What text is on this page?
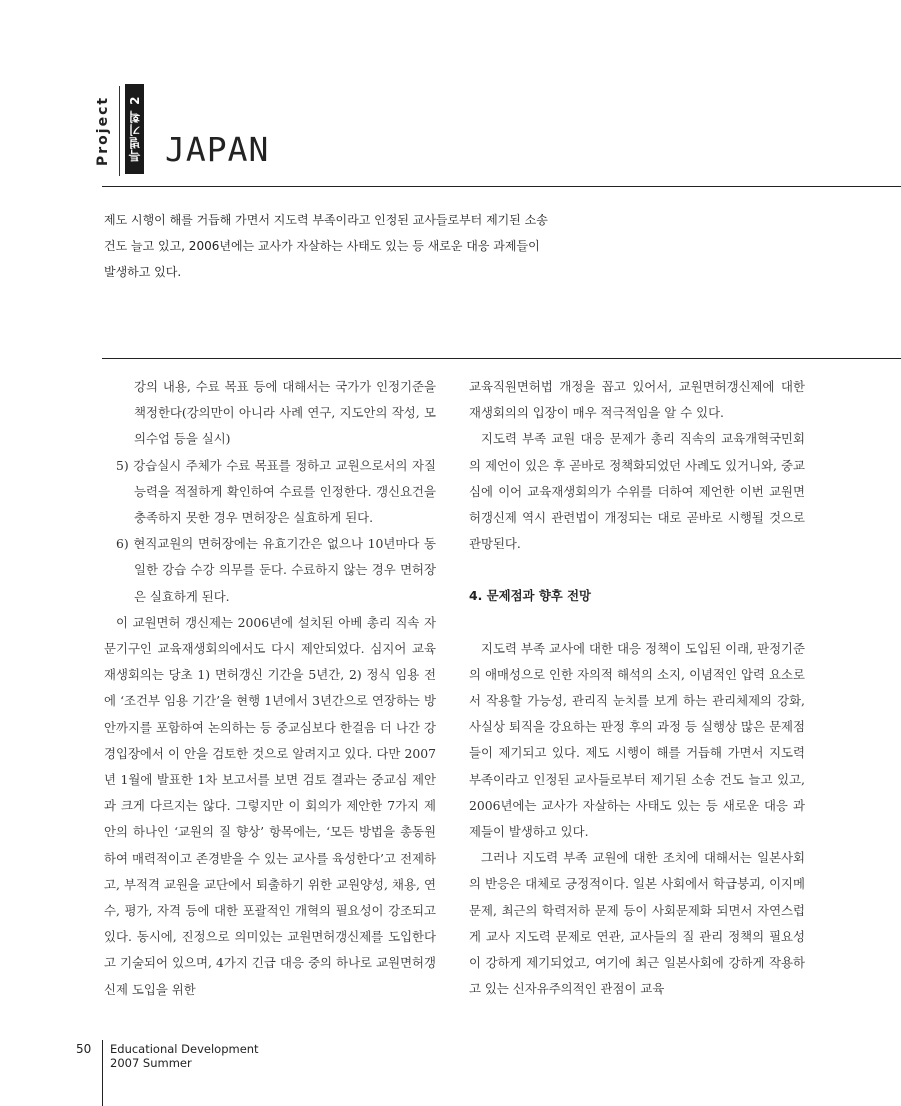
Project	특별기획 2 JAPAN
제도 시행이 해를 거듭해 가면서 지도력 부족이라고 인정된 교사들로부터 제기된 소송 건도 늘고 있고, 2006년에는 교사가 자살하는 사태도 있는 등 새로운 대응 과제들이 발생하고 있다.

강의 내용, 수료 목표 등에 대해서는 국가가 인정기준을 책정한다(강의만이 아니라 사례 연구, 지도안의 작성, 모의수업 등을 실시)

5) 강습실시 주체가 수료 목표를 정하고 교원으로서의 자질 능력을 적절하게 확인하여 수료를 인정한다. 갱신요건을 충족하지 못한 경우 면허장은 실효하게 된다.

6) 현직교원의 면허장에는 유효기간은 없으나 10년마다 동일한 강습 수강 의무를 둔다. 수료하지 않는 경우 면허장은 실효하게 된다.

이 교원면허 갱신제는 2006년에 설치된 아베 총리 직속 자문기구인 교육재생회의에서도 다시 제안되었다. 심지어 교육재생회의는 당초 1) 면허갱신 기간을 5년간, 2) 정식 임용 전에 ‘조건부 임용 기간’을 현행 1년에서 3년간으로 연장하는 방안까지를 포함하여 논의하는 등 중교심보다 한걸음 더 나간 강경입장에서 이 안을 검토한 것으로 알려지고 있다. 다만 2007년 1월에 발표한 1차 보고서를 보면 검토 결과는 중교심 제안과 크게 다르지는 않다. 그렇지만 이 회의가 제안한 7가지 제안의 하나인 ‘교원의 질 향상’ 항목에는, ‘모든 방법을 총동원하여 매력적이고 존경받을 수 있는 교사를 육성한다’고 전제하고, 부적격 교원을 교단에서 퇴출하기 위한 교원양성, 채용, 연수, 평가, 자격 등에 대한 포괄적인 개혁의 필요성이 강조되고 있다. 동시에, 진정으로 의미있는 교원면허갱신제를 도입한다고 기술되어 있으며, 4가지 긴급 대응 중의 하나로 교원면허갱신제 도입을 위한

교육직원면허법 개정을 꼽고 있어서, 교원면허갱신제에 대한 재생회의의 입장이 매우 적극적임을 알 수 있다.

지도력 부족 교원 대응 문제가 총리 직속의 교육개혁국민회의 제언이 있은 후 곧바로 정책화되었던 사례도 있거니와, 중교심에 이어 교육재생회의가 수위를 더하여 제언한 이번 교원면허갱신제 역시 관련법이 개정되는 대로 곧바로 시행될 것으로 관망된다.

4. 문제점과 향후 전망

지도력 부족 교사에 대한 대응 정책이 도입된 이래, 판정기준의 애매성으로 인한 자의적 해석의 소지, 이념적인 압력 요소로서 작용할 가능성, 관리직 눈치를 보게 하는 관리체제의 강화, 사실상 퇴직을 강요하는 판정 후의 과정 등 실행상 많은 문제점들이 제기되고 있다. 제도 시행이 해를 거듭해 가면서 지도력 부족이라고 인정된 교사들로부터 제기된 소송 건도 늘고 있고, 2006년에는 교사가 자살하는 사태도 있는 등 새로운 대응 과제들이 발생하고 있다.

그러나 지도력 부족 교원에 대한 조치에 대해서는 일본사회의 반응은 대체로 긍정적이다. 일본 사회에서 학급붕괴, 이지메 문제, 최근의 학력저하 문제 등이 사회문제화 되면서 자연스럽게 교사 지도력 문제로 연관, 교사들의 질 관리 정책의 필요성이 강하게 제기되었고, 여기에 최근 일본사회에 강하게 작용하고 있는 신자유주의적인 관점이 교육

50 Educational Development
2007 Summer
